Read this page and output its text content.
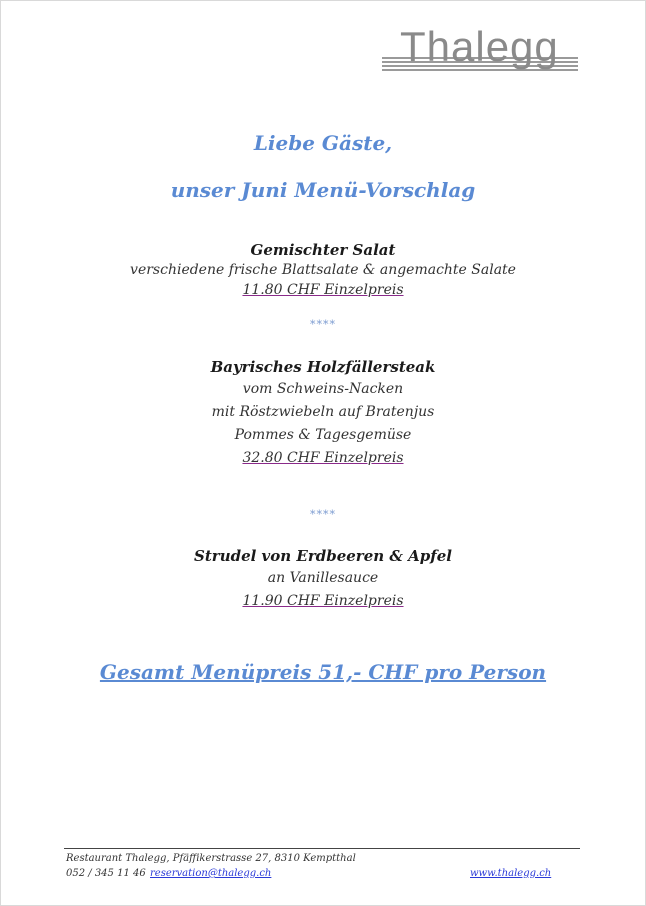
Thalegg
Liebe Gäste,
unser Juni Menü-Vorschlag
Gemischter Salat
verschiedene frische Blattsalate & angemachte Salate
11.80 CHF Einzelpreis
****
Bayrisches Holzfällersteak
vom Schweins-Nacken
mit Röstzwiebeln auf Bratenjus
Pommes & Tagesgemüse
32.80 CHF Einzelpreis
****
Strudel von Erdbeeren & Apfel
an Vanillesauce
11.90 CHF Einzelpreis
Gesamt Menüpreis 51,- CHF pro Person
Restaurant Thalegg, Pfäffikerstrasse 27, 8310 Kemptthal
052 / 345 11 46 reservation@thalegg.ch	www.thalegg.ch
